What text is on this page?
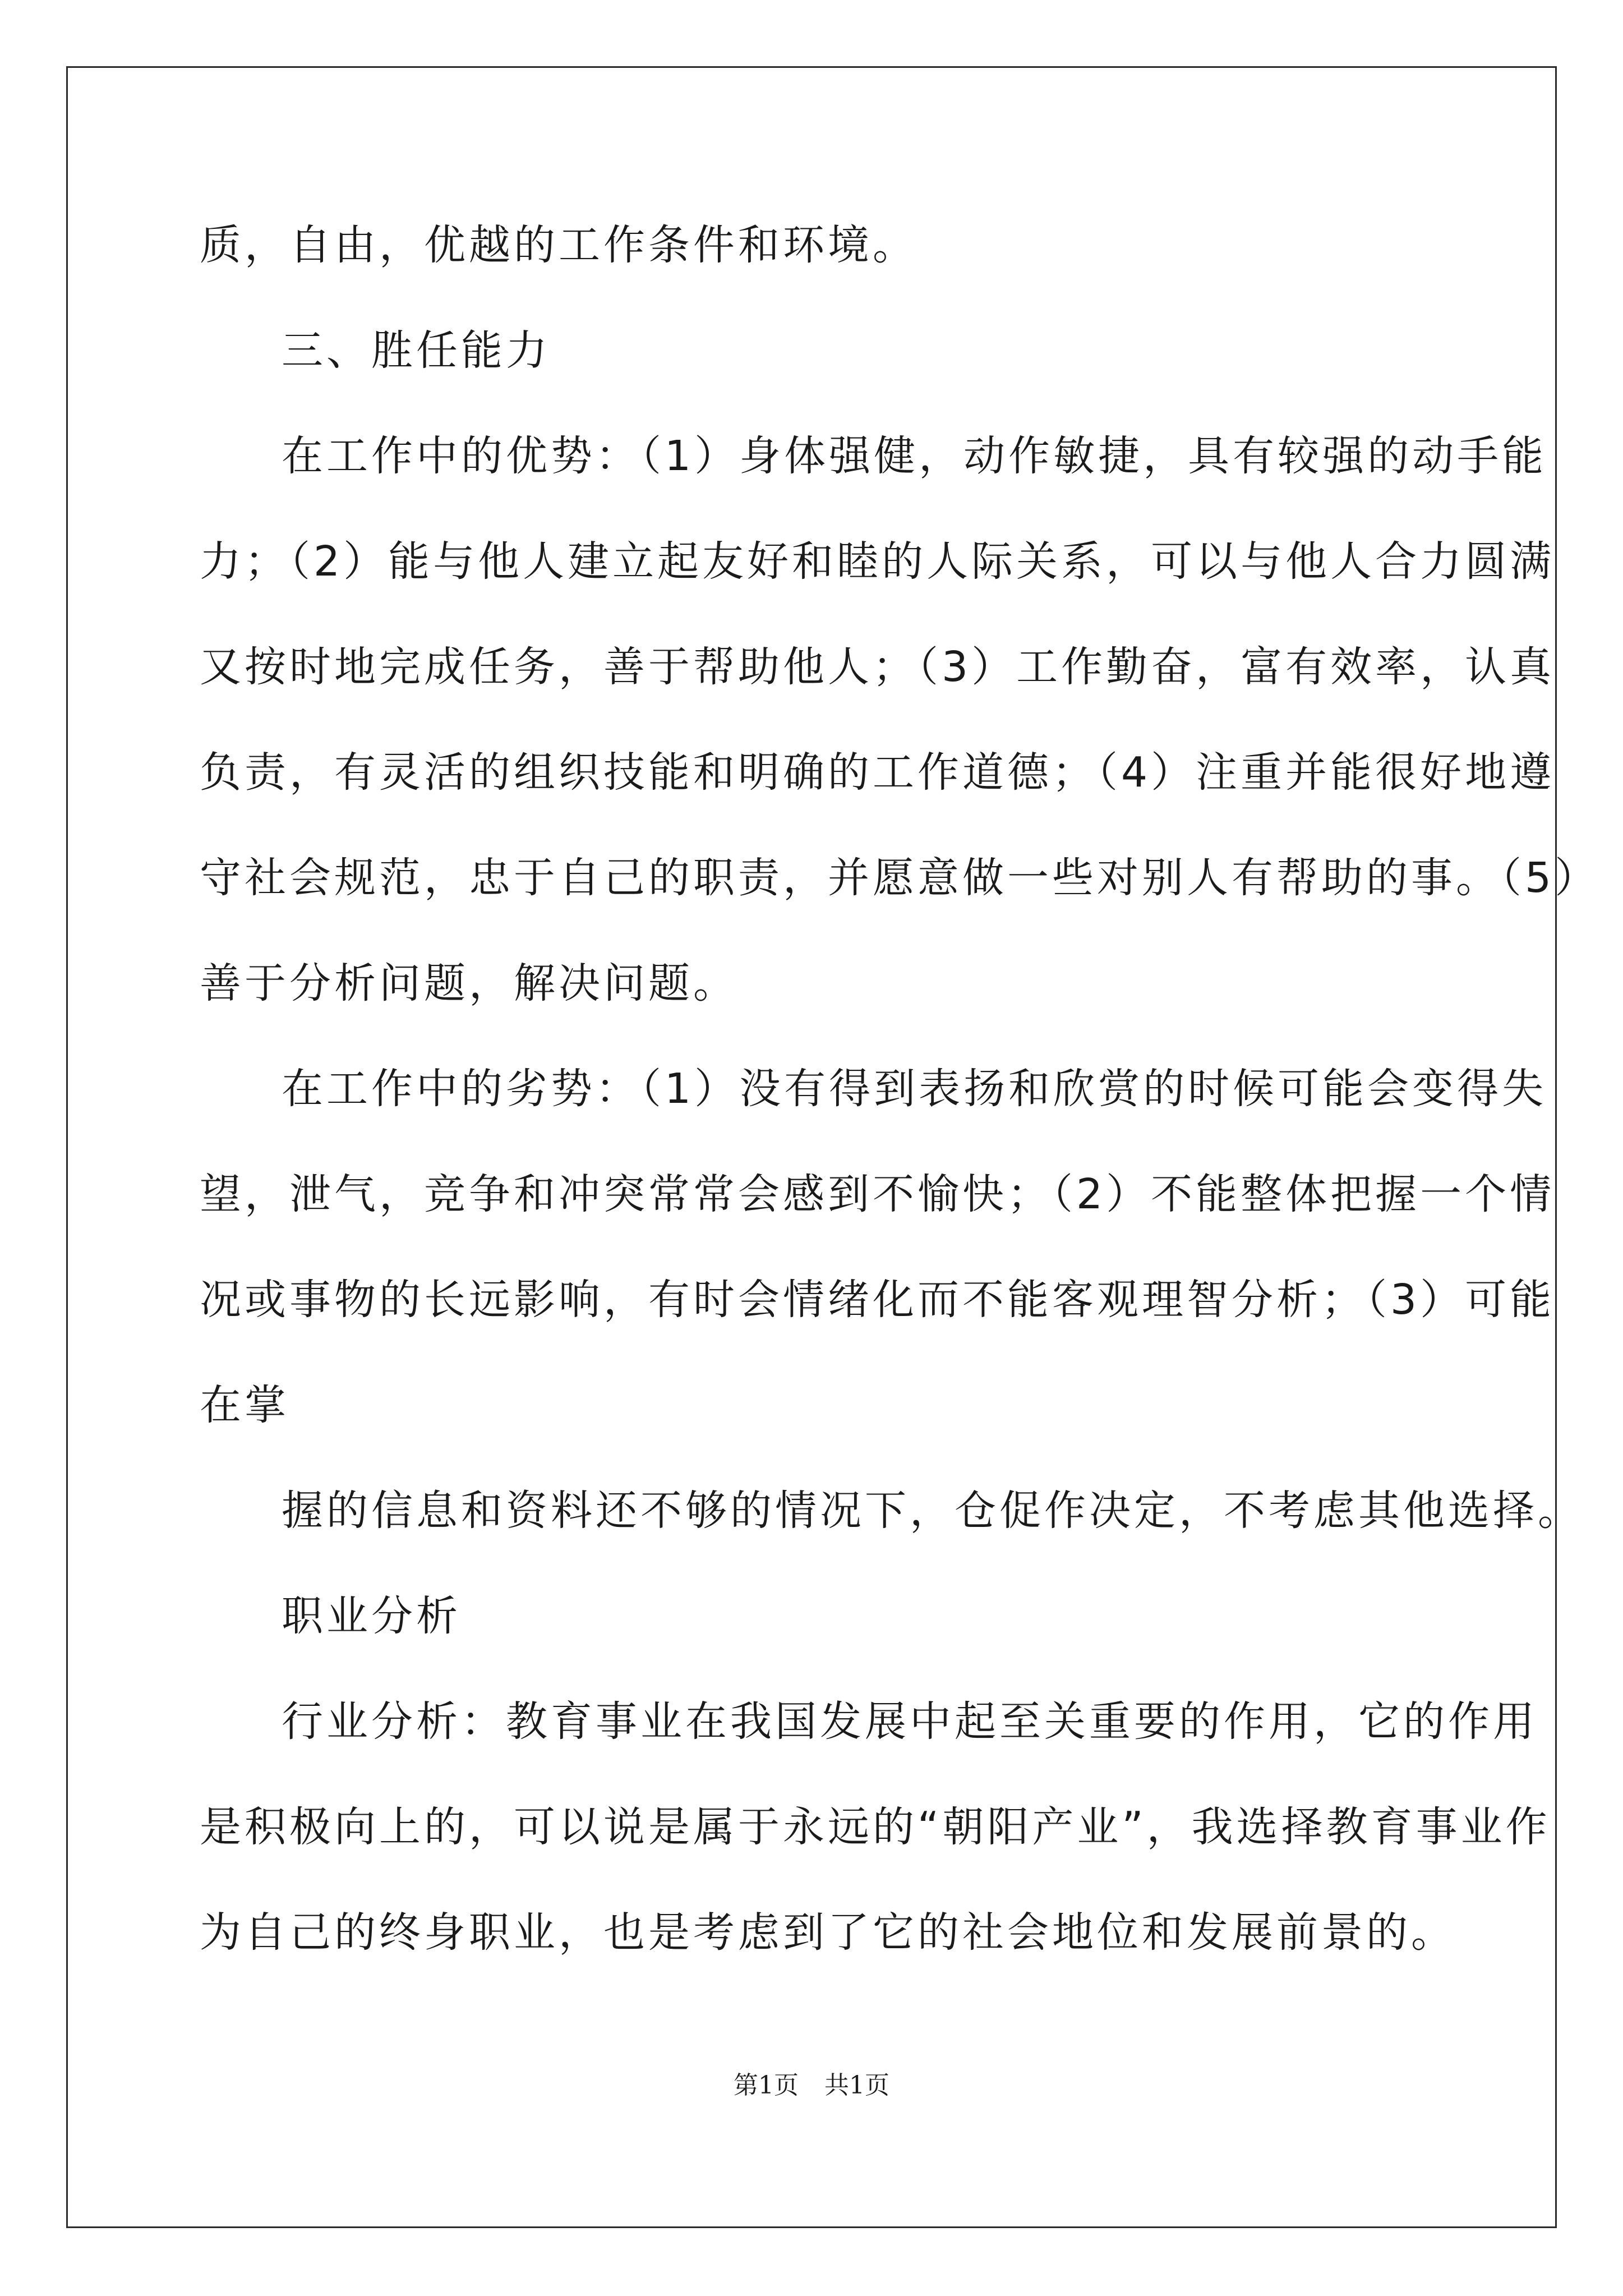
质，自由，优越的工作条件和环境。
三、胜任能力
在工作中的优势：（1）身体强健，动作敏捷，具有较强的动手能
力；（2）能与他人建立起友好和睦的人际关系，可以与他人合力圆满
又按时地完成任务，善于帮助他人；（3）工作勤奋，富有效率，认真
负责，有灵活的组织技能和明确的工作道德；（4）注重并能很好地遵
守社会规范，忠于自己的职责，并愿意做一些对别人有帮助的事。（5）
善于分析问题，解决问题。
在工作中的劣势：（1）没有得到表扬和欣赏的时候可能会变得失
望，泄气，竞争和冲突常常会感到不愉快；（2）不能整体把握一个情
况或事物的长远影响，有时会情绪化而不能客观理智分析；（3）可能
在掌
握的信息和资料还不够的情况下，仓促作决定，不考虑其他选择。
职业分析
行业分析：教育事业在我国发展中起至关重要的作用，它的作用
是积极向上的，可以说是属于永远的“朝阳产业”，我选择教育事业作
为自己的终身职业，也是考虑到了它的社会地位和发展前景的。
第1页 共1页
